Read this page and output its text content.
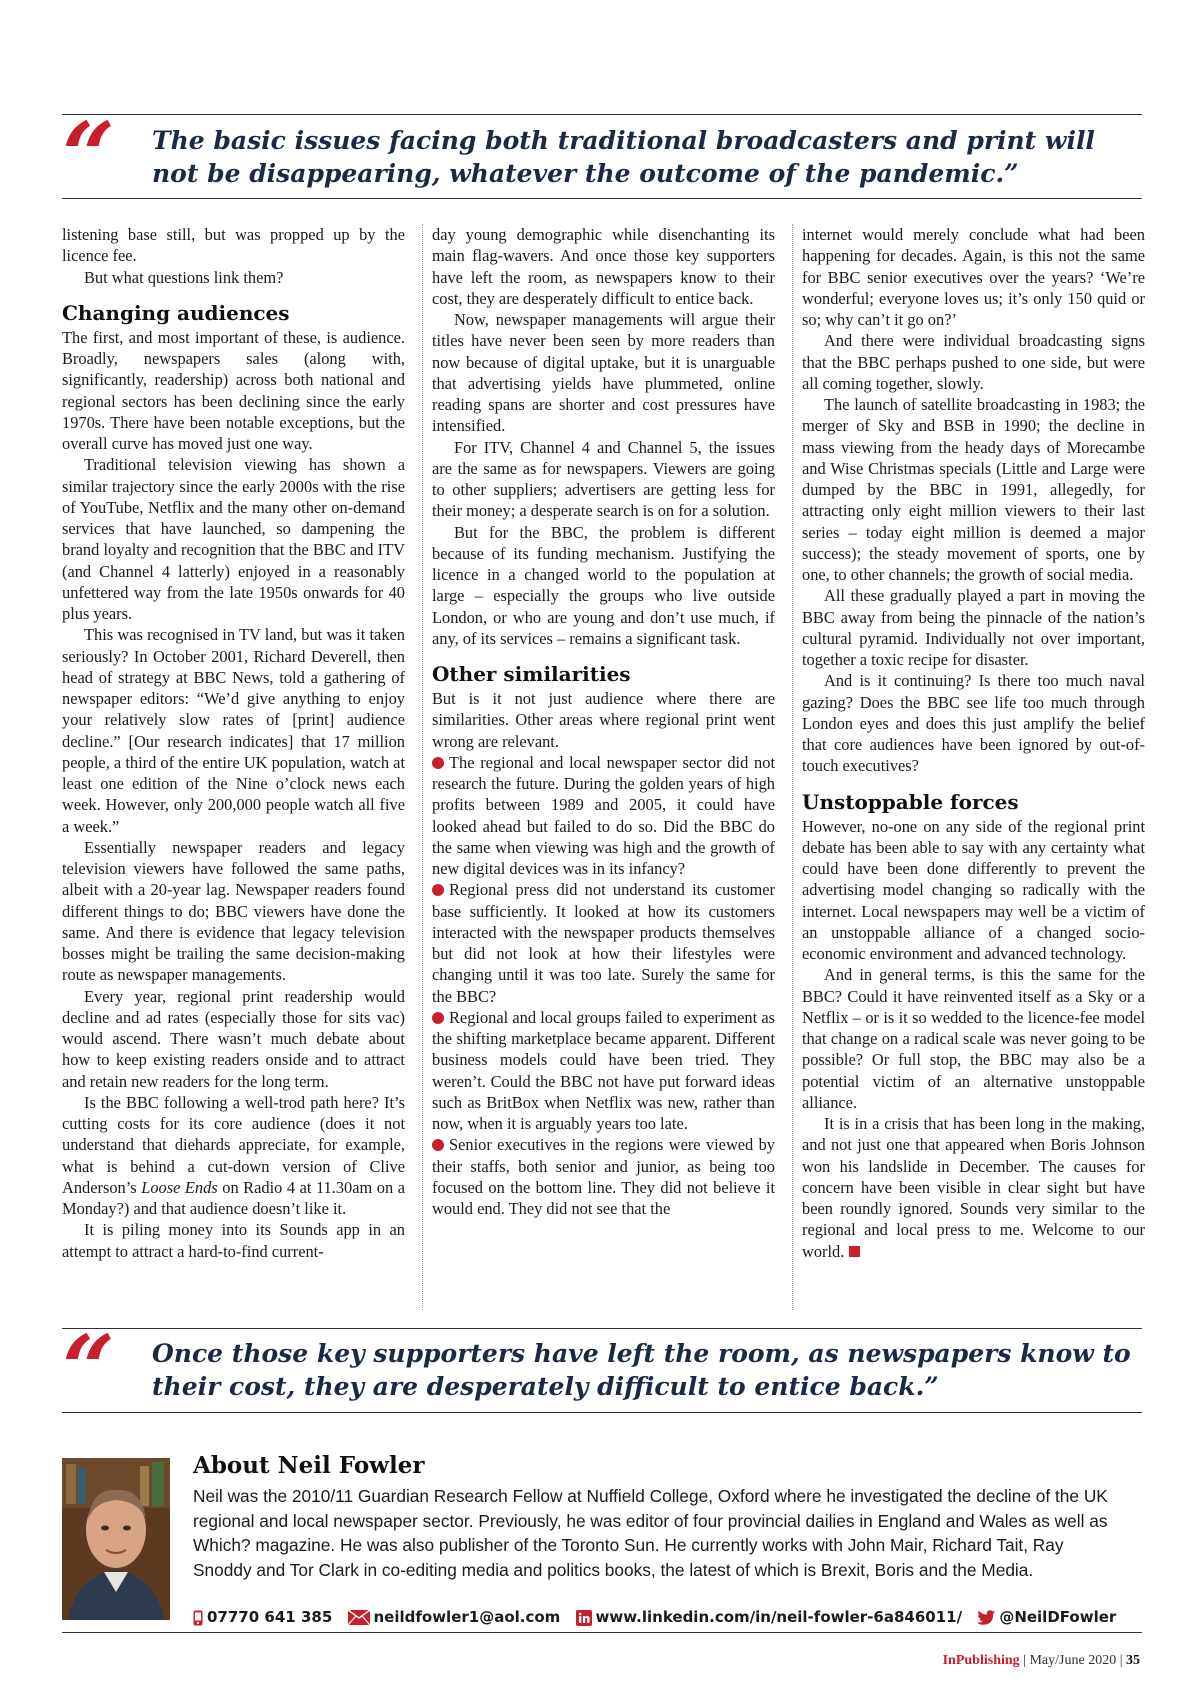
“ The basic issues facing both traditional broadcasters and print will not be disappearing, whatever the outcome of the pandemic.”

listening base still, but was propped up by the licence fee.

But what questions link them?

Changing audiences

The first, and most important of these, is audience. Broadly, newspapers sales (along with, significantly, readership) across both national and regional sectors has been declining since the early 1970s. There have been notable exceptions, but the overall curve has moved just one way.

Traditional television viewing has shown a similar trajectory since the early 2000s with the rise of YouTube, Netflix and the many other on-demand services that have launched, so dampening the brand loyalty and recognition that the BBC and ITV (and Channel 4 latterly) enjoyed in a reasonably unfettered way from the late 1950s onwards for 40 plus years.

This was recognised in TV land, but was it taken seriously? In October 2001, Richard Deverell, then head of strategy at BBC News, told a gathering of newspaper editors: “We’d give anything to enjoy your relatively slow rates of [print] audience decline.” [Our research indicates] that 17 million people, a third of the entire UK population, watch at least one edition of the Nine o’clock news each week. However, only 200,000 people watch all five a week.”

Essentially newspaper readers and legacy television viewers have followed the same paths, albeit with a 20-year lag. Newspaper readers found different things to do; BBC viewers have done the same. And there is evidence that legacy television bosses might be trailing the same decision-making route as newspaper managements.

Every year, regional print readership would decline and ad rates (especially those for sits vac) would ascend. There wasn’t much debate about how to keep existing readers onside and to attract and retain new readers for the long term.

Is the BBC following a well-trod path here? It’s cutting costs for its core audience (does it not understand that diehards appreciate, for example, what is behind a cut-down version of Clive Anderson’s Loose Ends on Radio 4 at 11.30am on a Monday?) and that audience doesn’t like it.

It is piling money into its Sounds app in an attempt to attract a hard-to-find current-

day young demographic while disenchanting its main flag-wavers. And once those key supporters have left the room, as newspapers know to their cost, they are desperately difficult to entice back.

Now, newspaper managements will argue their titles have never been seen by more readers than now because of digital uptake, but it is unarguable that advertising yields have plummeted, online reading spans are shorter and cost pressures have intensified.

For ITV, Channel 4 and Channel 5, the issues are the same as for newspapers. Viewers are going to other suppliers; advertisers are getting less for their money; a desperate search is on for a solution.

But for the BBC, the problem is different because of its funding mechanism. Justifying the licence in a changed world to the population at large – especially the groups who live outside London, or who are young and don’t use much, if any, of its services – remains a significant task.

Other similarities

But is it not just audience where there are similarities. Other areas where regional print went wrong are relevant.

The regional and local newspaper sector did not research the future. During the golden years of high profits between 1989 and 2005, it could have looked ahead but failed to do so. Did the BBC do the same when viewing was high and the growth of new digital devices was in its infancy?

Regional press did not understand its customer base sufficiently. It looked at how its customers interacted with the newspaper products themselves but did not look at how their lifestyles were changing until it was too late. Surely the same for the BBC?

Regional and local groups failed to experiment as the shifting marketplace became apparent. Different business models could have been tried. They weren’t. Could the BBC not have put forward ideas such as BritBox when Netflix was new, rather than now, when it is arguably years too late.

Senior executives in the regions were viewed by their staffs, both senior and junior, as being too focused on the bottom line. They did not believe it would end. They did not see that the

internet would merely conclude what had been happening for decades. Again, is this not the same for BBC senior executives over the years? ‘We’re wonderful; everyone loves us; it’s only 150 quid or so; why can’t it go on?’

And there were individual broadcasting signs that the BBC perhaps pushed to one side, but were all coming together, slowly.

The launch of satellite broadcasting in 1983; the merger of Sky and BSB in 1990; the decline in mass viewing from the heady days of Morecambe and Wise Christmas specials (Little and Large were dumped by the BBC in 1991, allegedly, for attracting only eight million viewers to their last series – today eight million is deemed a major success); the steady movement of sports, one by one, to other channels; the growth of social media.

All these gradually played a part in moving the BBC away from being the pinnacle of the nation’s cultural pyramid. Individually not over important, together a toxic recipe for disaster.

And is it continuing? Is there too much naval gazing? Does the BBC see life too much through London eyes and does this just amplify the belief that core audiences have been ignored by out-of-touch executives?

Unstoppable forces

However, no-one on any side of the regional print debate has been able to say with any certainty what could have been done differently to prevent the advertising model changing so radically with the internet. Local newspapers may well be a victim of an unstoppable alliance of a changed socio-economic environment and advanced technology.

And in general terms, is this the same for the BBC? Could it have reinvented itself as a Sky or a Netflix – or is it so wedded to the licence-fee model that change on a radical scale was never going to be possible? Or full stop, the BBC may also be a potential victim of an alternative unstoppable alliance.

It is in a crisis that has been long in the making, and not just one that appeared when Boris Johnson won his landslide in December. The causes for concern have been visible in clear sight but have been roundly ignored. Sounds very similar to the regional and local press to me. Welcome to our world.

“ Once those key supporters have left the room, as newspapers know to their cost, they are desperately difficult to entice back.”
About Neil Fowler
Neil was the 2010/11 Guardian Research Fellow at Nuffield College, Oxford where he investigated the decline of the UK regional and local newspaper sector. Previously, he was editor of four provincial dailies in England and Wales as well as Which? magazine. He was also publisher of the Toronto Sun. He currently works with John Mair, Richard Tait, Ray Snoddy and Tor Clark in co-editing media and politics books, the latest of which is Brexit, Boris and the Media.
07770 641 385	neildfowler1@aol.com www.linkedin.com/in/neil-fowler-6a846011/ @NeilDFowler
InPublishing | May/June 2020 | 35
